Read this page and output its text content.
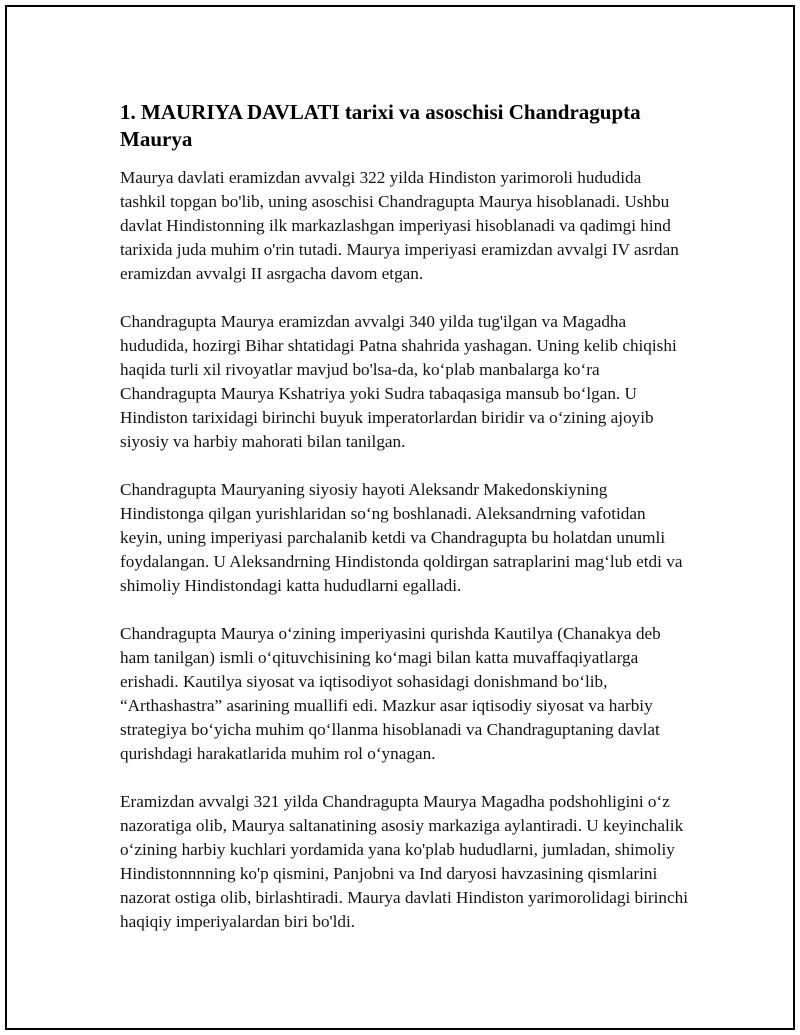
1. MAURIYA DAVLATI tarixi va asoschisi Chandragupta Maurya

Maurya davlati eramizdan avvalgi 322 yilda Hindiston yarimoroli hududida tashkil topgan bo'lib, uning asoschisi Chandragupta Maurya hisoblanadi. Ushbu davlat Hindistonning ilk markazlashgan imperiyasi hisoblanadi va qadimgi hind tarixida juda muhim o'rin tutadi. Maurya imperiyasi eramizdan avvalgi IV asrdan eramizdan avvalgi II asrgacha davom etgan.

Chandragupta Maurya eramizdan avvalgi 340 yilda tug'ilgan va Magadha hududida, hozirgi Bihar shtatidagi Patna shahrida yashagan. Uning kelib chiqishi haqida turli xil rivoyatlar mavjud bo'lsa-da, ko‘plab manbalarga ko‘ra Chandragupta Maurya Kshatriya yoki Sudra tabaqasiga mansub bo‘lgan. U Hindiston tarixidagi birinchi buyuk imperatorlardan biridir va o‘zining ajoyib siyosiy va harbiy mahorati bilan tanilgan.

Chandragupta Mauryaning siyosiy hayoti Aleksandr Makedonskiyning Hindistonga qilgan yurishlaridan so‘ng boshlanadi. Aleksandrning vafotidan keyin, uning imperiyasi parchalanib ketdi va Chandragupta bu holatdan unumli foydalangan. U Aleksandrning Hindistonda qoldirgan satraplarini mag‘lub etdi va shimoliy Hindistondagi katta hududlarni egalladi.

Chandragupta Maurya o‘zining imperiyasini qurishda Kautilya (Chanakya deb ham tanilgan) ismli o‘qituvchisining ko‘magi bilan katta muvaffaqiyatlarga erishadi. Kautilya siyosat va iqtisodiyot sohasidagi donishmand bo‘lib, “Arthashastra” asarining muallifi edi. Mazkur asar iqtisodiy siyosat va harbiy strategiya bo‘yicha muhim qo‘llanma hisoblanadi va Chandraguptaning davlat qurishdagi harakatlarida muhim rol o‘ynagan.

Eramizdan avvalgi 321 yilda Chandragupta Maurya Magadha podshohligini o‘z nazoratiga olib, Maurya saltanatining asosiy markaziga aylantiradi. U keyinchalik o‘zining harbiy kuchlari yordamida yana ko'plab hududlarni, jumladan, shimoliy Hindistonnnning ko'p qismini, Panjobni va Ind daryosi havzasining qismlarini nazorat ostiga olib, birlashtiradi. Maurya davlati Hindiston yarimorolidagi birinchi haqiqiy imperiyalardan biri bo'ldi.
